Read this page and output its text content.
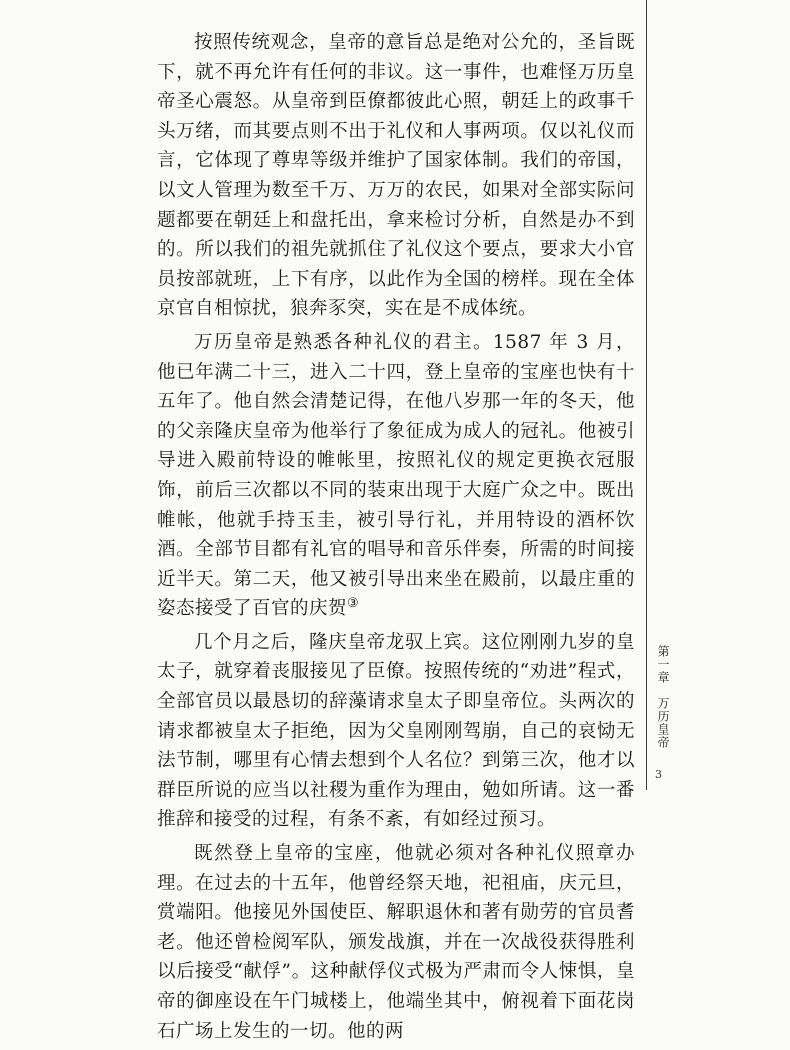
按照传统观念，皇帝的意旨总是绝对公允的，圣旨既下，就不再允许有任何的非议。这一事件，也难怪万历皇帝圣心震怒。从皇帝到臣僚都彼此心照，朝廷上的政事千头万绪，而其要点则不出于礼仪和人事两项。仅以礼仪而言，它体现了尊卑等级并维护了国家体制。我们的帝国，以文人管理为数至千万、万万的农民，如果对全部实际问题都要在朝廷上和盘托出，拿来检讨分析，自然是办不到的。所以我们的祖先就抓住了礼仪这个要点，要求大小官员按部就班，上下有序，以此作为全国的榜样。现在全体京官自相惊扰，狼奔豕突，实在是不成体统。

万历皇帝是熟悉各种礼仪的君主。1587 年 3 月，他已年满二十三，进入二十四，登上皇帝的宝座也快有十五年了。他自然会清楚记得，在他八岁那一年的冬天，他的父亲隆庆皇帝为他举行了象征成为成人的冠礼。他被引导进入殿前特设的帷帐里，按照礼仪的规定更换衣冠服饰，前后三次都以不同的装束出现于大庭广众之中。既出帷帐，他就手持玉圭，被引导行礼，并用特设的酒杯饮酒。全部节目都有礼官的唱导和音乐伴奏，所需的时间接近半天。第二天，他又被引导出来坐在殿前，以最庄重的姿态接受了百官的庆贺③

几个月之后，隆庆皇帝龙驭上宾。这位刚刚九岁的皇太子，就穿着丧服接见了臣僚。按照传统的“劝进”程式，全部官员以最恳切的辞藻请求皇太子即皇帝位。头两次的请求都被皇太子拒绝，因为父皇刚刚驾崩，自己的哀恸无法节制，哪里有心情去想到个人名位？到第三次，他才以群臣所说的应当以社稷为重作为理由，勉如所请。这一番推辞和接受的过程，有条不紊，有如经过预习。

既然登上皇帝的宝座，他就必须对各种礼仪照章办理。在过去的十五年，他曾经祭天地，祀祖庙，庆元旦，赏端阳。他接见外国使臣、解职退休和著有勋劳的官员耆老。他还曾检阅军队，颁发战旗，并在一次战役获得胜利以后接受“献俘”。这种献俘仪式极为严肃而令人悚惧，皇帝的御座设在午门城楼上，他端坐其中，俯视着下面花岗石广场上发生的一切。他的两

第一章　万历皇帝
3
